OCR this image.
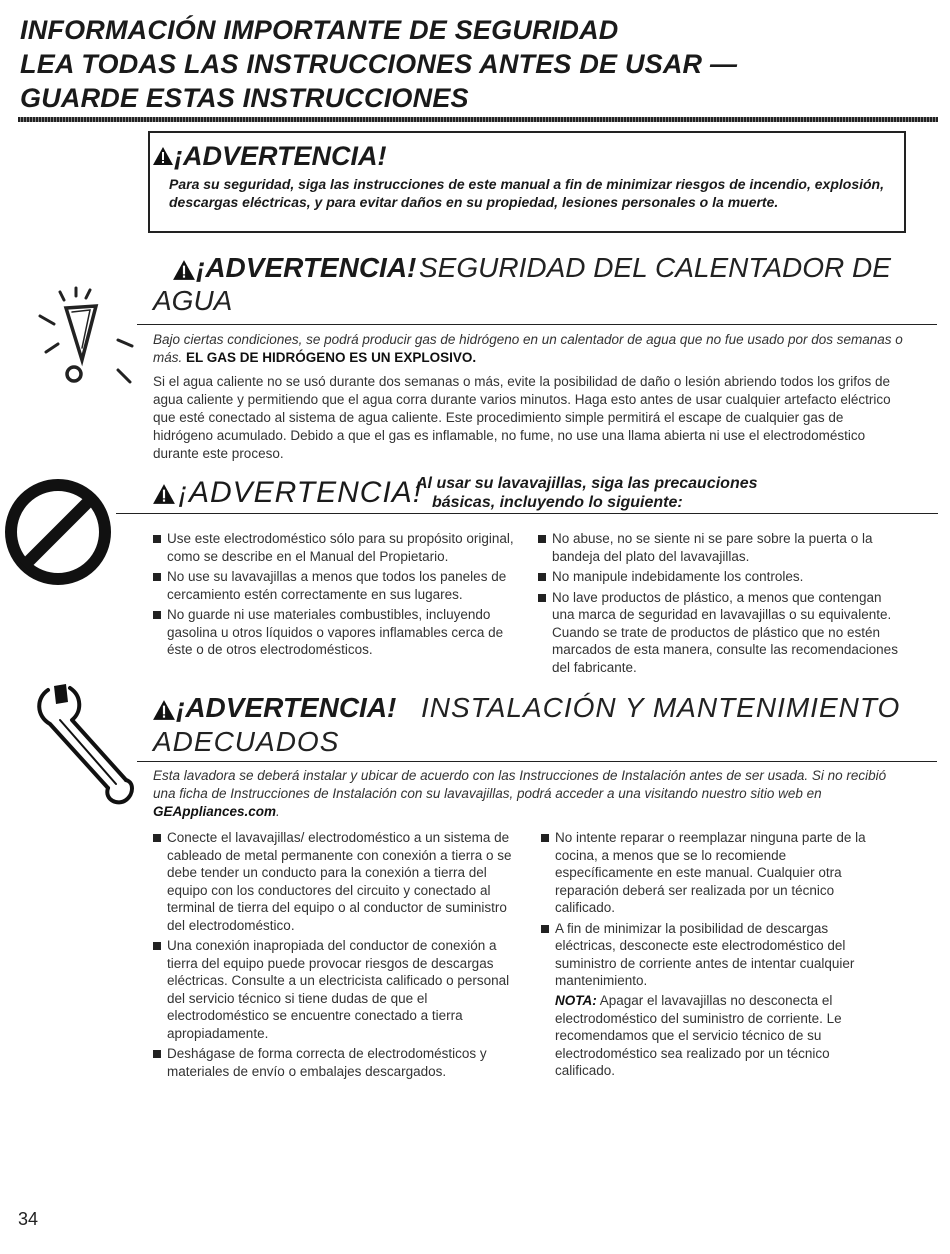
INFORMACIÓN IMPORTANTE DE SEGURIDAD
LEA TODAS LAS INSTRUCCIONES ANTES DE USAR —
GUARDE ESTAS INSTRUCCIONES
¡ADVERTENCIA!
Para su seguridad, siga las instrucciones de este manual a fin de minimizar riesgos de incendio, explosión, descargas eléctricas, y para evitar daños en su propiedad, lesiones personales o la muerte.
¡ADVERTENCIA! SEGURIDAD DEL CALENTADOR DE
AGUA
Bajo ciertas condiciones, se podrá producir gas de hidrógeno en un calentador de agua que no fue usado por dos semanas o más. EL GAS DE HIDRÓGENO ES UN EXPLOSIVO.
Si el agua caliente no se usó durante dos semanas o más, evite la posibilidad de daño o lesión abriendo todos los grifos de agua caliente y permitiendo que el agua corra durante varios minutos. Haga esto antes de usar cualquier artefacto eléctrico que esté conectado al sistema de agua caliente. Este procedimiento simple permitirá el escape de cualquier gas de hidrógeno acumulado. Debido a que el gas es inflamable, no fume, no use una llama abierta ni use el electrodoméstico durante este proceso.
¡ADVERTENCIA!
Al usar su lavavajillas, siga las precauciones
básicas, incluyendo lo siguiente:
Use este electrodoméstico sólo para su propósito original, como se describe en el Manual del Propietario.
No use su lavavajillas a menos que todos los paneles de cercamiento estén correctamente en sus lugares.
No guarde ni use materiales combustibles, incluyendo gasolina u otros líquidos o vapores inflamables cerca de éste o de otros electrodomésticos.
No abuse, no se siente ni se pare sobre la puerta o la bandeja del plato del lavavajillas.
No manipule indebidamente los controles.
No lave productos de plástico, a menos que contengan una marca de seguridad en lavavajillas o su equivalente. Cuando se trate de productos de plástico que no estén marcados de esta manera, consulte las recomendaciones del fabricante.
¡ADVERTENCIA! INSTALACIÓN Y MANTENIMIENTO
ADECUADOS
Esta lavadora se deberá instalar y ubicar de acuerdo con las Instrucciones de Instalación antes de ser usada. Si no recibió una ficha de Instrucciones de Instalación con su lavavajillas, podrá acceder a una visitando nuestro sitio web en GEAppliances.com.
Conecte el lavavajillas/ electrodoméstico a un sistema de cableado de metal permanente con conexión a tierra o se debe tender un conducto para la conexión a tierra del equipo con los conductores del circuito y conectado al terminal de tierra del equipo o al conductor de suministro del electrodoméstico.
Una conexión inapropiada del conductor de conexión a tierra del equipo puede provocar riesgos de descargas eléctricas. Consulte a un electricista calificado o personal del servicio técnico si tiene dudas de que el electrodoméstico se encuentre conectado a tierra apropiadamente.
Deshágase de forma correcta de electrodomésticos y materiales de envío o embalajes descargados.
No intente reparar o reemplazar ninguna parte de la cocina, a menos que se lo recomiende específicamente en este manual. Cualquier otra reparación deberá ser realizada por un técnico calificado.
A fin de minimizar la posibilidad de descargas eléctricas, desconecte este electrodoméstico del suministro de corriente antes de intentar cualquier mantenimiento.
NOTA: Apagar el lavavajillas no desconecta el electrodoméstico del suministro de corriente. Le recomendamos que el servicio técnico de su electrodoméstico sea realizado por un técnico calificado.
34
